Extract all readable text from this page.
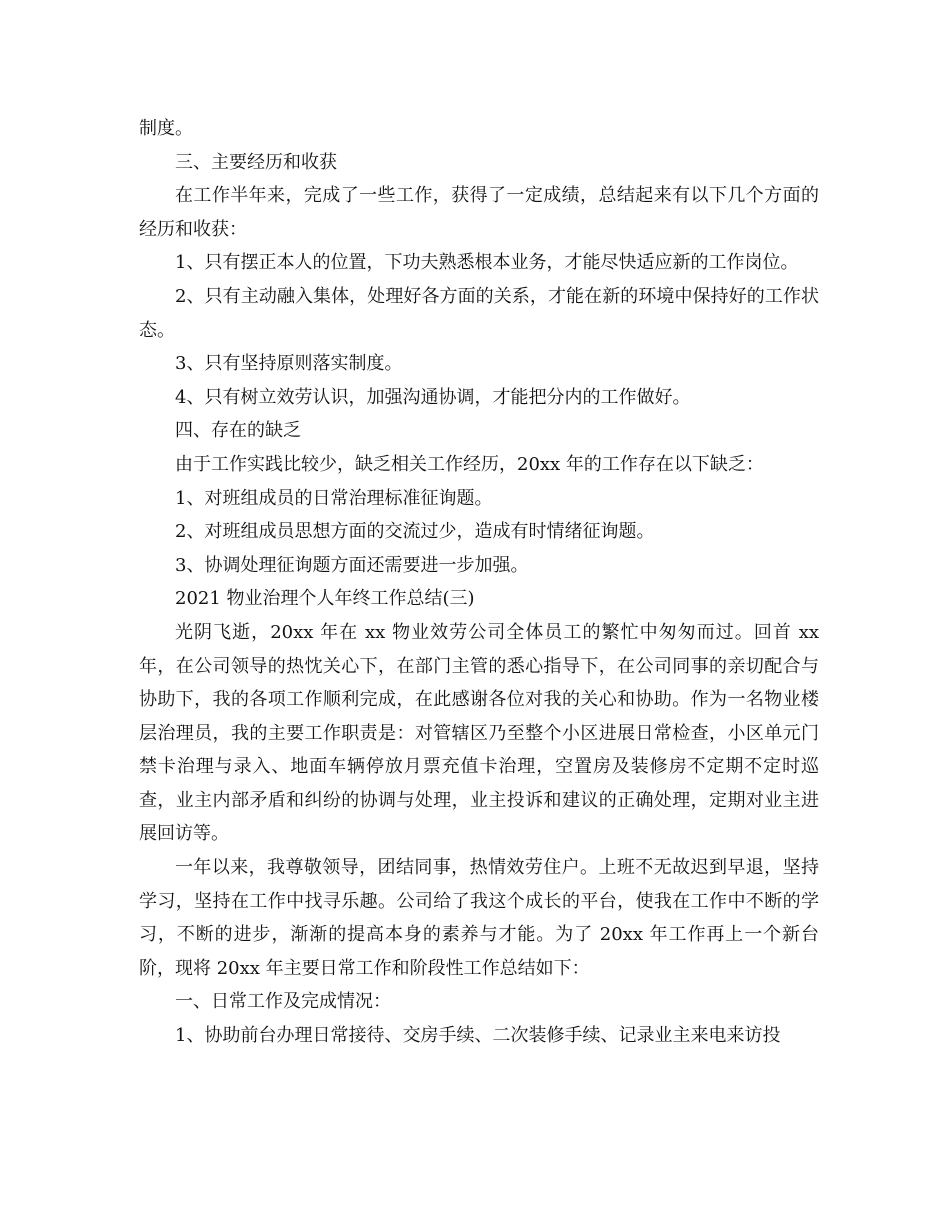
制度。

三、主要经历和收获

在工作半年来，完成了一些工作，获得了一定成绩，总结起来有以下几个方面的经历和收获：

1、只有摆正本人的位置，下功夫熟悉根本业务，才能尽快适应新的工作岗位。

2、只有主动融入集体，处理好各方面的关系，才能在新的环境中保持好的工作状态。

3、只有坚持原则落实制度。

4、只有树立效劳认识，加强沟通协调，才能把分内的工作做好。

四、存在的缺乏

由于工作实践比较少，缺乏相关工作经历，20xx 年的工作存在以下缺乏：

1、对班组成员的日常治理标准征询题。

2、对班组成员思想方面的交流过少，造成有时情绪征询题。

3、协调处理征询题方面还需要进一步加强。

2021 物业治理个人年终工作总结(三)

光阴飞逝，20xx 年在 xx 物业效劳公司全体员工的繁忙中匆匆而过。回首 xx 年，在公司领导的热忱关心下，在部门主管的悉心指导下，在公司同事的亲切配合与协助下，我的各项工作顺利完成，在此感谢各位对我的关心和协助。作为一名物业楼层治理员，我的主要工作职责是：对管辖区乃至整个小区进展日常检查，小区单元门禁卡治理与录入、地面车辆停放月票充值卡治理，空置房及装修房不定期不定时巡查，业主内部矛盾和纠纷的协调与处理，业主投诉和建议的正确处理，定期对业主进展回访等。

一年以来，我尊敬领导，团结同事，热情效劳住户。上班不无故迟到早退，坚持学习，坚持在工作中找寻乐趣。公司给了我这个成长的平台，使我在工作中不断的学习，不断的进步，渐渐的提高本身的素养与才能。为了 20xx 年工作再上一个新台阶，现将 20xx 年主要日常工作和阶段性工作总结如下：

一、日常工作及完成情况：

1、协助前台办理日常接待、交房手续、二次装修手续、记录业主来电来访投
